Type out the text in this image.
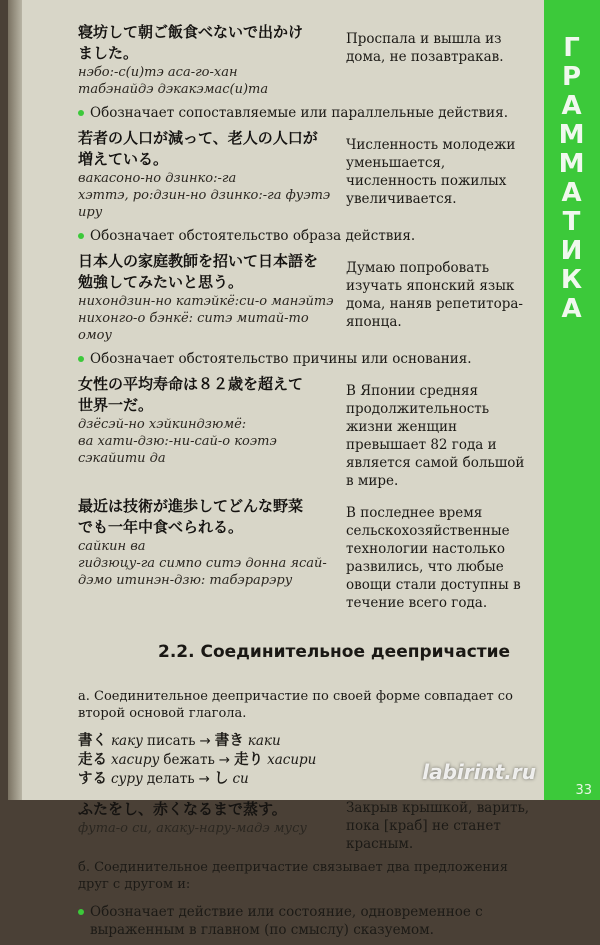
Г
Р
А
М
М
А
Т
И
К
А
33
寝坊して朝ご飯食べないで出かけ
ました。
нэбо:-с(и)тэ аса-го-хан
табэнайдэ дэкакэмас(и)та
Проспала и вышла из дома, не позавтракав.
Обозначает сопоставляемые или параллельные действия.
若者の人口が減って、老人の人口が
増えている。
вакасоно-но дзинко:-га
хэттэ, ро:дзин-но дзинко:-га фуэтэ
иру
Численность молодежи уменьшается, численность пожилых увеличивается.
Обозначает обстоятельство образа действия.
日本人の家庭教師を招いて日本語を
勉強してみたいと思う。
нихондзин-но катэйкё:си-о манэйтэ
нихонго-о бэнкё: ситэ митай-то омоу
Думаю попробовать изучать японский язык дома, наняв репетитора-японца.
Обозначает обстоятельство причины или основания.
女性の平均寿命は８２歳を超えて
世界一だ。
дзёсэй-но хэйкиндзюмё:
ва хати-дзю:-ни-сай-о коэтэ
сэкайити да
В Японии средняя продолжительность жизни женщин превышает 82 года и является самой большой в мире.
最近は技術が進歩してどんな野菜
でも一年中食べられる。
сайкин ва
гидзюцу-га симпо ситэ донна ясай-
дэмо итинэн-дзю: табэрарэру
В последнее время сельскохозяйственные технологии настолько развились, что любые овощи стали доступны в течение всего года.
2.2. Соединительное деепричастие
а. Соединительное деепричастие по своей форме совпадает со второй основой глагола.
書く каку писать → 書き каки
走る хасиру бежать → 走り хасири
する суру делать → し си
ふたをし、赤くなるまで蒸す。
фута-о си, акаку-нару-мадэ мусу
Закрыв крышкой, варить, пока [краб] не станет красным.
б. Соединительное деепричастие связывает два предложения друг с другом и:
Обозначает действие или состояние, одновременное с выраженным в главном (по смыслу) сказуемом.
labirint.ru
